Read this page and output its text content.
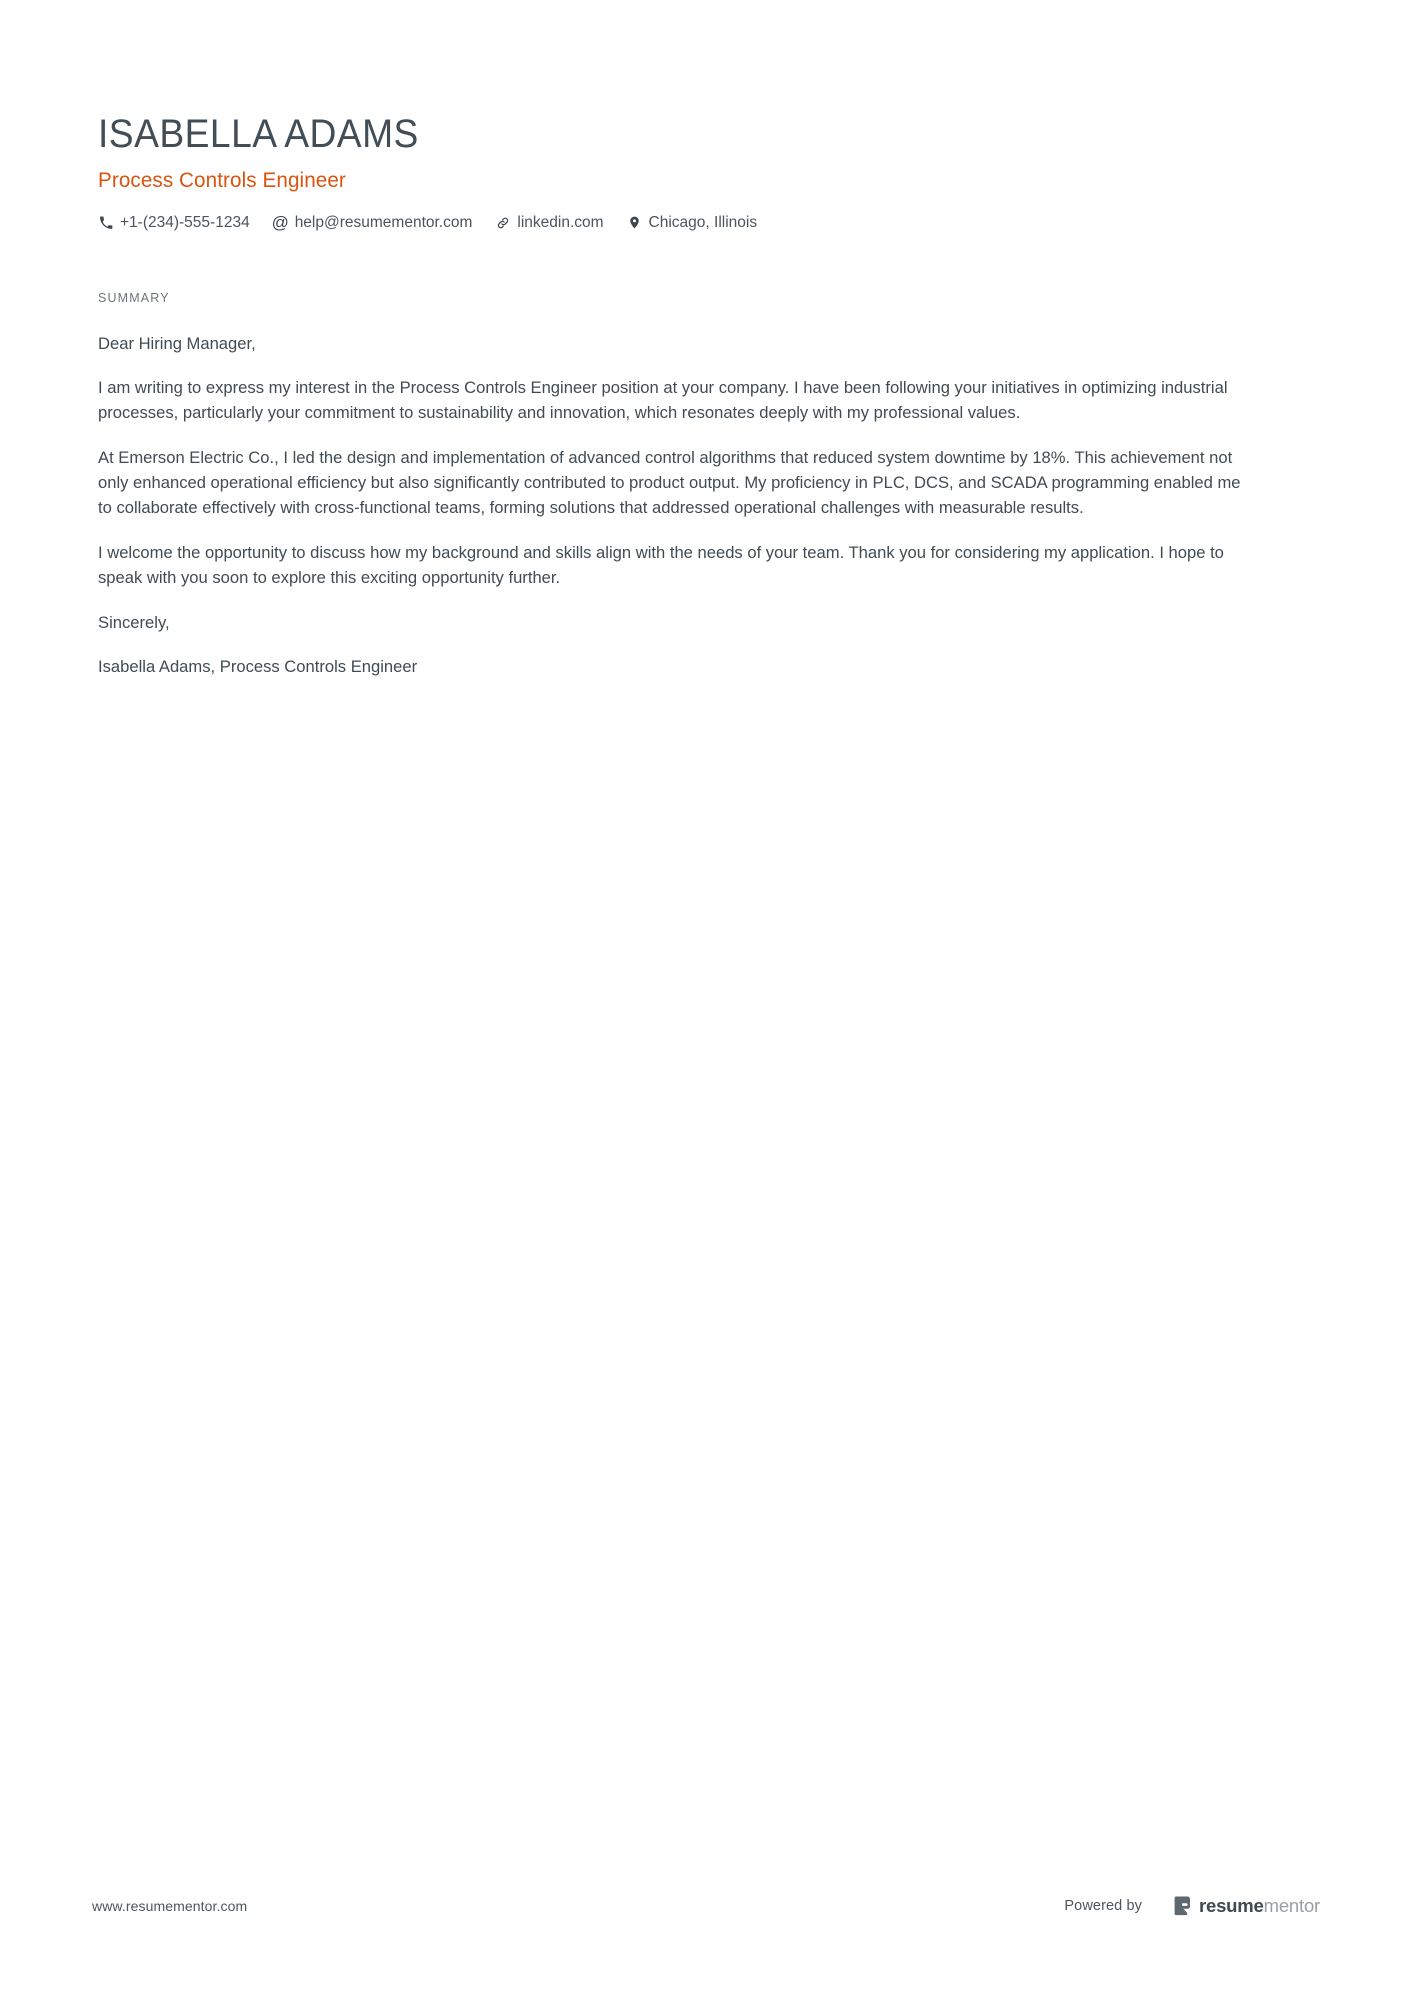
ISABELLA ADAMS
Process Controls Engineer
+1-(234)-555-1234 @ help@resumementor.com	linkedin.com	Chicago, Illinois
SUMMARY

Dear Hiring Manager,

I am writing to express my interest in the Process Controls Engineer position at your company. I have been following your initiatives in optimizing industrial processes, particularly your commitment to sustainability and innovation, which resonates deeply with my professional values.

At Emerson Electric Co., I led the design and implementation of advanced control algorithms that reduced system downtime by 18%. This achievement not only enhanced operational efficiency but also significantly contributed to product output. My proficiency in PLC, DCS, and SCADA programming enabled me to collaborate effectively with cross-functional teams, forming solutions that addressed operational challenges with measurable results.

I welcome the opportunity to discuss how my background and skills align with the needs of your team. Thank you for considering my application. I hope to speak with you soon to explore this exciting opportunity further.

Sincerely,

Isabella Adams, Process Controls Engineer

www.resumementor.com	Powered by	resumementor
